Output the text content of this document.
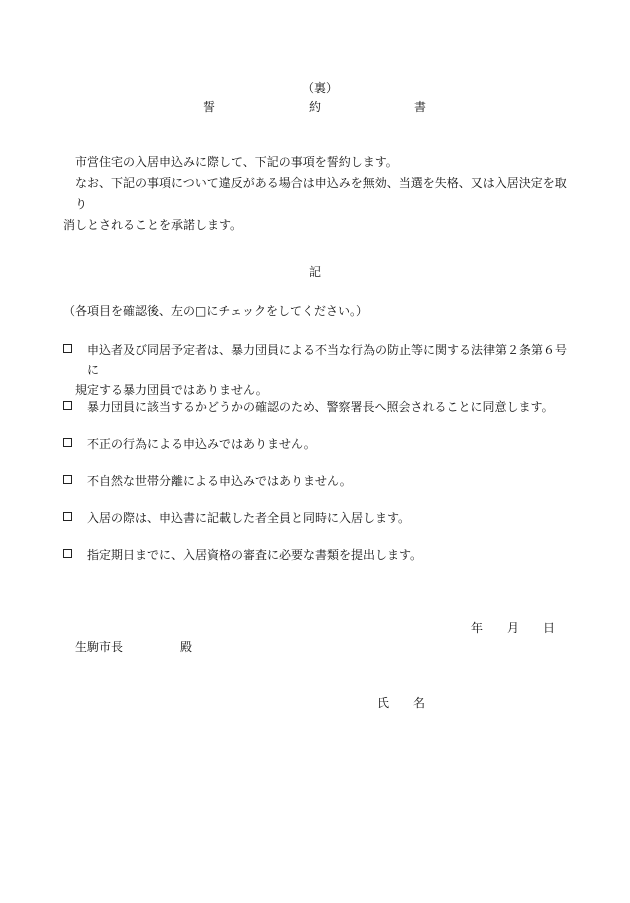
（裏）
誓	約	書

市営住宅の入居申込みに際して、下記の事項を誓約します。

なお、下記の事項について違反がある場合は申込みを無効、当選を失格、又は入居決定を取り

消しとされることを承諾します。

記
（各項目を確認後、左の□にチェックをしてください。）
申込者及び同居予定者は、暴力団員による不当な行為の防止等に関する法律第２条第６号に
規定する暴力団員ではありません。
暴力団員に該当するかどうかの確認のため、警察署長へ照会されることに同意します。
不正の行為による申込みではありません。
不自然な世帯分離による申込みではありません。
入居の際は、申込書に記載した者全員と同時に入居します。
指定期日までに、入居資格の審査に必要な書類を提出します。
年 月 日
生駒市長	殿
氏　　名
